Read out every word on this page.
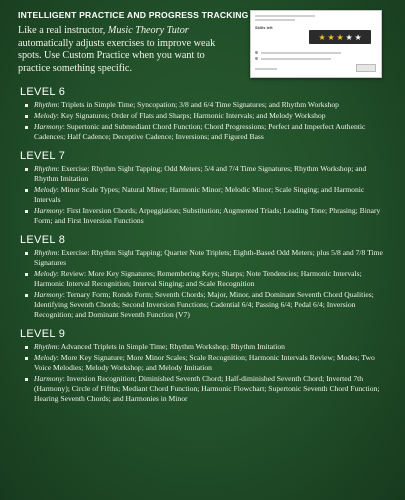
INTELLIGENT PRACTICE AND PROGRESS TRACKING
Like a real instructor, Music Theory Tutor automatically adjusts exercises to improve weak spots. Use Custom Practice when you want to practice something specific.
Skills left
★ ★ ★ ★ ★
LEVEL 6
Rhythm: Triplets in Simple Time; Syncopation; 3/8 and 6/4 Time Signatures; and Rhythm Workshop
Melody: Key Signatures; Order of Flats and Sharps; Harmonic Intervals; and Melody Workshop
Harmony: Supertonic and Submediant Chord Function; Chord Progressions; Perfect and Imperfect Authentic Cadences; Half Cadence; Deceptive Cadence; Inversions; and Figured Bass
LEVEL 7
Rhythm: Exercise: Rhythm Sight Tapping; Odd Meters; 5/4 and 7/4 Time Signatures; Rhythm Workshop; and Rhythm Imitation
Melody: Minor Scale Types; Natural Minor; Harmonic Minor; Melodic Minor; Scale Singing; and Harmonic Intervals
Harmony: First Inversion Chords; Arpeggiation; Substitution; Augmented Triads; Leading Tone; Phrasing; Binary Form; and First Inversion Functions
LEVEL 8
Rhythm: Exercise: Rhythm Sight Tapping; Quarter Note Triplets; Eighth-Based Odd Meters; plus 5/8 and 7/8 Time Signatures
Melody: Review: More Key Signatures; Remembering Keys; Sharps; Note Tendencies; Harmonic Intervals; Harmonic Interval Recognition; Interval Singing; and Scale Recognition
Harmony: Ternary Form; Rondo Form; Seventh Chords; Major, Minor, and Dominant Seventh Chord Qualities; Identifying Seventh Chords; Second Inversion Functions; Cadential 6/4; Passing 6/4; Pedal 6/4; Inversion Recognition; and Dominant Seventh Function (V7)
LEVEL 9
Rhythm: Advanced Triplets in Simple Time; Rhythm Workshop; Rhythm Imitation
Melody: More Key Signature; More Minor Scales; Scale Recognition; Harmonic Intervals Review; Modes; Two Voice Melodies; Melody Workshop; and Melody Imitation
Harmony: Inversion Recognition; Diminished Seventh Chord; Half-diminished Seventh Chord; Inverted 7th (Harmony); Circle of Fifths; Mediant Chord Function; Harmonic Flowchart; Supertonic Seventh Chord Function; Hearing Seventh Chords; and Harmonies in Minor
